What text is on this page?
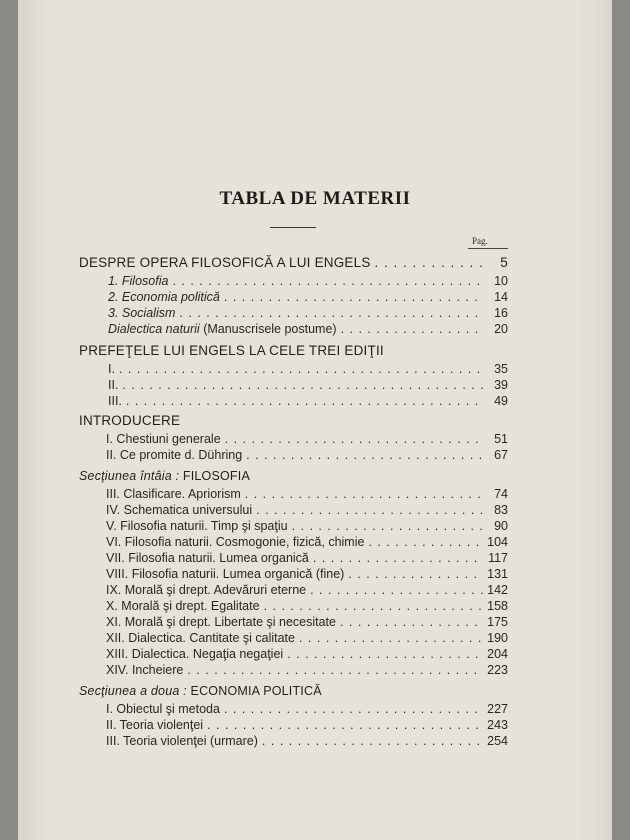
TABLA DE MATERII
Pag.
DESPRE OPERA FILOSOFICĂ A LUI ENGELS . . .	5
1. Filosofia . . .	10
2. Economia politică . . .	14
3. Socialism . . .	16
Dialectica naturii (Manuscrisele postume) . . .	20
PREFEŢELE LUI ENGELS LA CELE TREI EDIŢII
I. . . .	35
II. . . .	39
III. . . .	49
INTRODUCERE
I. Chestiuni generale . . .	51
II. Ce promite d. Dühring . . .	67
Secţiunea întâia : FILOSOFIA
III. Clasificare. Apriorism . . .	74
IV. Schematica universului . . .	83
V. Filosofia naturii. Timp şi spaţiu . . .	90
VI. Filosofia naturii. Cosmogonie, fizică, chimie . . .	104
VII. Filosofia naturii. Lumea organică . . .	117
VIII. Filosofia naturii. Lumea organică (fine) . . .	131
IX. Morală şi drept. Adevăruri eterne . . .	142
X. Morală şi drept. Egalitate . . .	158
XI. Morală şi drept. Libertate şi necesitate . . .	175
XII. Dialectica. Cantitate şi calitate . . .	190
XIII. Dialectica. Negaţia negaţiei . . .	204
XIV. Incheiere . . .	223
Secţiunea a doua : ECONOMIA POLITICĂ
I. Obiectul şi metoda . . .	227
II. Teoria violenţei . . .	243
III. Teoria violenţei (urmare) . . .	254
